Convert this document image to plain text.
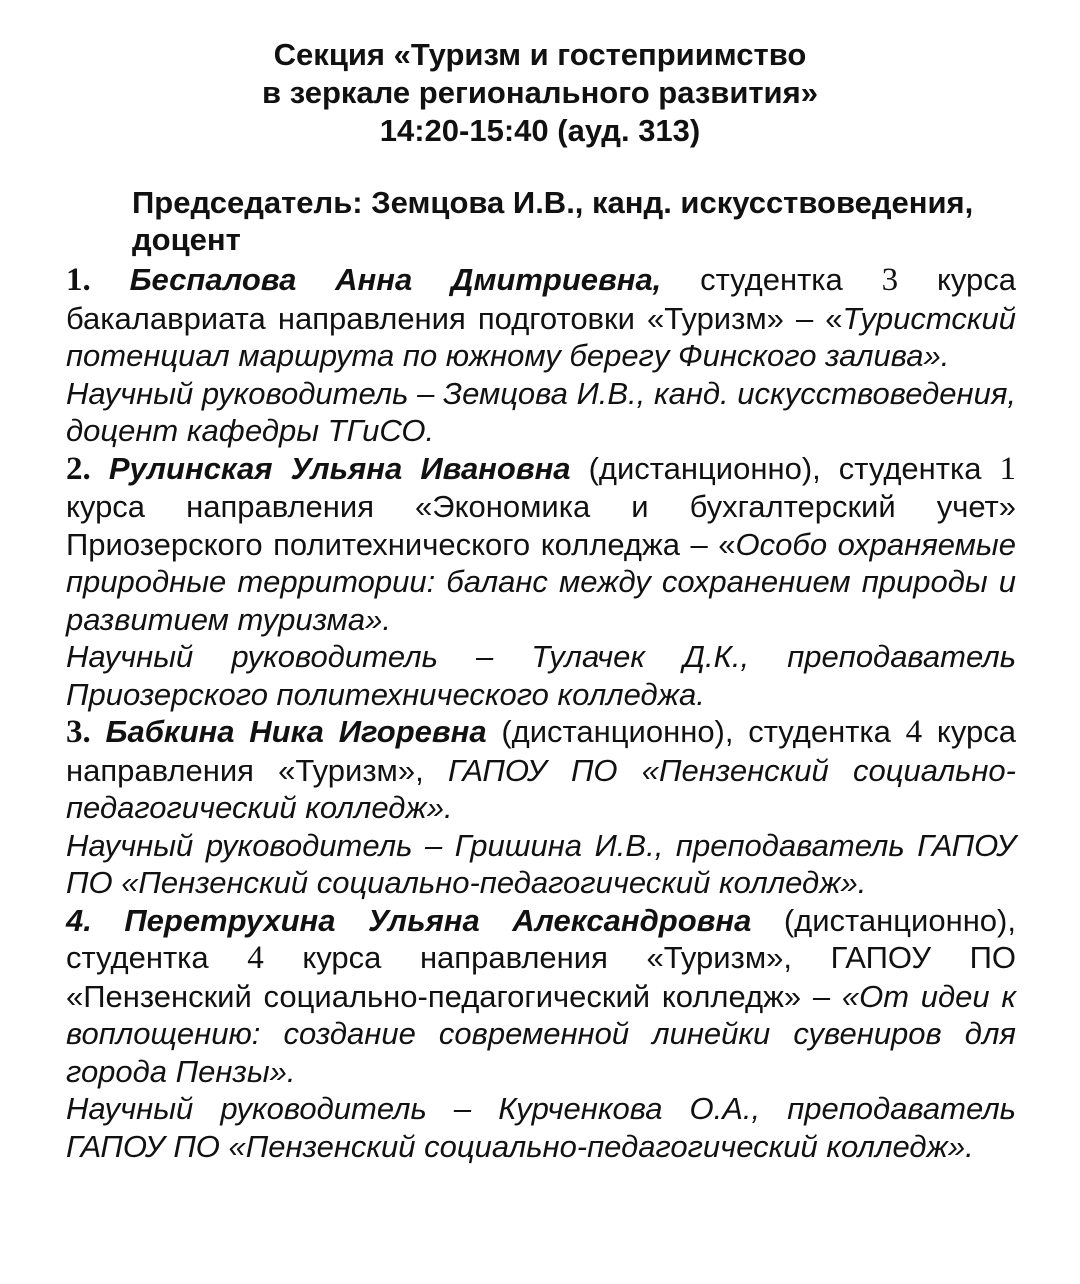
Секция «Туризм и гостеприимство
в зеркале регионального развития»
14:20-15:40 (ауд. 313)
Председатель: Земцова И.В., канд. искусствоведения, доцент

1. Беспалова Анна Дмитриевна, студентка 3 курса бакалавриата направления подготовки «Туризм» – «Туристский потенциал маршрута по южному берегу Финского залива».

Научный руководитель – Земцова И.В., канд. искусствоведения, доцент кафедры ТГиСО.

2. Рулинская Ульяна Ивановна (дистанционно), студентка 1 курса направления «Экономика и бухгалтерский учет» Приозерского политехнического колледжа – «Особо охраняемые природные территории: баланс между сохранением природы и развитием туризма».

Научный руководитель – Тулачек Д.К., преподаватель Приозерского политехнического колледжа.

3. Бабкина Ника Игоревна (дистанционно), студентка 4 курса направления «Туризм», ГАПОУ ПО «Пензенский социально-педагогический колледж».

Научный руководитель – Гришина И.В., преподаватель ГАПОУ ПО «Пензенский социально-педагогический колледж».

4. Перетрухина Ульяна Александровна (дистанционно), студентка 4 курса направления «Туризм», ГАПОУ ПО «Пензенский социально-педагогический колледж» – «От идеи к воплощению: создание современной линейки сувениров для города Пензы».

Научный руководитель – Курченкова О.А., преподаватель ГАПОУ ПО «Пензенский социально-педагогический колледж».
